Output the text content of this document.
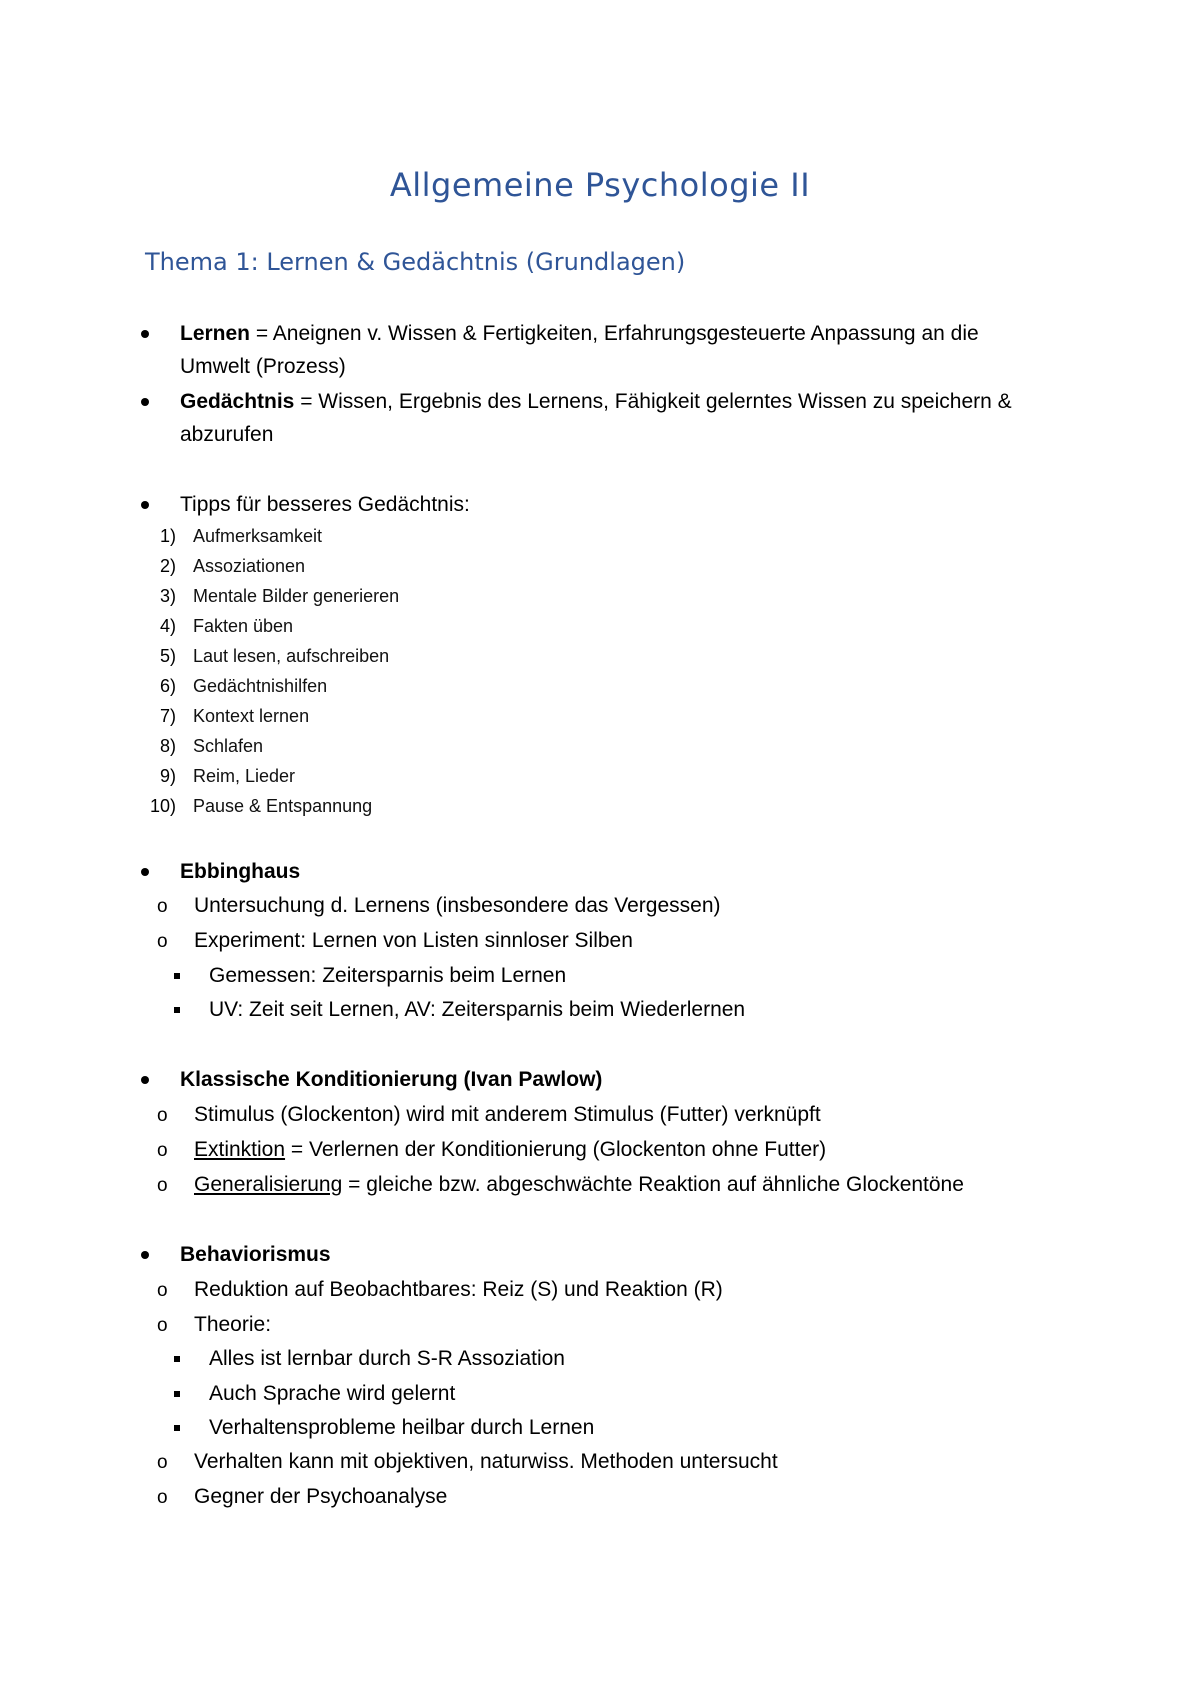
Allgemeine Psychologie II
Thema 1: Lernen & Gedächtnis (Grundlagen)
Lernen = Aneignen v. Wissen & Fertigkeiten, Erfahrungsgesteuerte Anpassung an die
Umwelt (Prozess)
Gedächtnis = Wissen, Ergebnis des Lernens, Fähigkeit gelerntes Wissen zu speichern &
abzurufen
Tipps für besseres Gedächtnis:
1) Aufmerksamkeit
2) Assoziationen
3) Mentale Bilder generieren
4) Fakten üben
5) Laut lesen, aufschreiben
6) Gedächtnishilfen
7) Kontext lernen
8) Schlafen
9) Reim, Lieder
10) Pause & Entspannung
Ebbinghaus
o Untersuchung d. Lernens (insbesondere das Vergessen)
o Experiment: Lernen von Listen sinnloser Silben
Gemessen: Zeitersparnis beim Lernen
UV: Zeit seit Lernen, AV: Zeitersparnis beim Wiederlernen
Klassische Konditionierung (Ivan Pawlow)
o Stimulus (Glockenton) wird mit anderem Stimulus (Futter) verknüpft
o Extinktion = Verlernen der Konditionierung (Glockenton ohne Futter)
o Generalisierung = gleiche bzw. abgeschwächte Reaktion auf ähnliche Glockentöne
Behaviorismus
o Reduktion auf Beobachtbares: Reiz (S) und Reaktion (R)
o Theorie:
Alles ist lernbar durch S-R Assoziation
Auch Sprache wird gelernt
Verhaltensprobleme heilbar durch Lernen
o Verhalten kann mit objektiven, naturwiss. Methoden untersucht
o Gegner der Psychoanalyse
